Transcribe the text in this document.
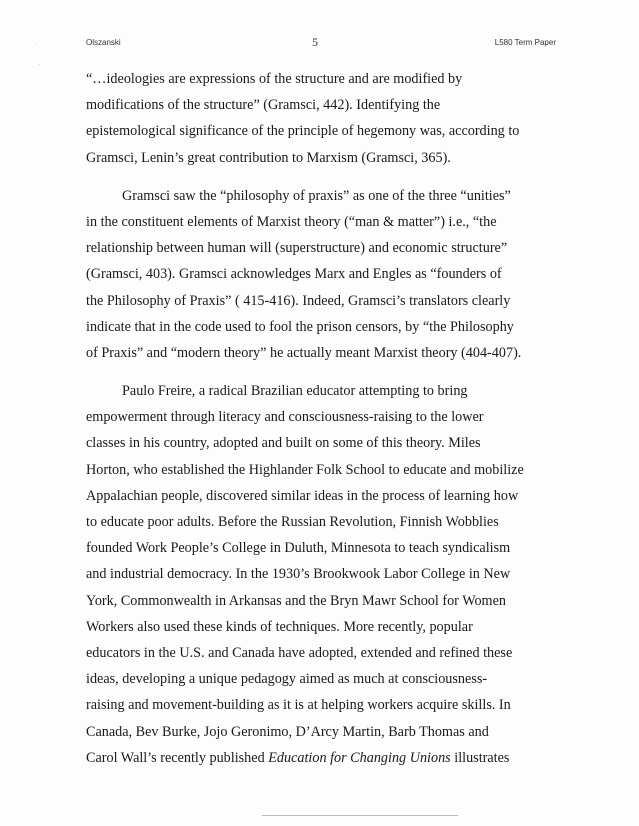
·
·
Olszanski	5	L580 Term Paper
“…ideologies are expressions of the structure and are modified by
modifications of the structure” (Gramsci, 442). Identifying the
epistemological significance of the principle of hegemony was, according to
Gramsci, Lenin’s great contribution to Marxism (Gramsci, 365).
Gramsci saw the “philosophy of praxis” as one of the three “unities”
in the constituent elements of Marxist theory (“man & matter”) i.e., “the
relationship between human will (superstructure) and economic structure”
(Gramsci, 403). Gramsci acknowledges Marx and Engles as “founders of
the Philosophy of Praxis” ( 415-416). Indeed, Gramsci’s translators clearly
indicate that in the code used to fool the prison censors, by “the Philosophy
of Praxis” and “modern theory” he actually meant Marxist theory (404-407).
Paulo Freire, a radical Brazilian educator attempting to bring
empowerment through literacy and consciousness-raising to the lower
classes in his country, adopted and built on some of this theory. Miles
Horton, who established the Highlander Folk School to educate and mobilize
Appalachian people, discovered similar ideas in the process of learning how
to educate poor adults. Before the Russian Revolution, Finnish Wobblies
founded Work People’s College in Duluth, Minnesota to teach syndicalism
and industrial democracy. In the 1930’s Brookwook Labor College in New
York, Commonwealth in Arkansas and the Bryn Mawr School for Women
Workers also used these kinds of techniques. More recently, popular
educators in the U.S. and Canada have adopted, extended and refined these
ideas, developing a unique pedagogy aimed as much at consciousness-
raising and movement-building as it is at helping workers acquire skills. In
Canada, Bev Burke, Jojo Geronimo, D’Arcy Martin, Barb Thomas and
Carol Wall’s recently published Education for Changing Unions illustrates
